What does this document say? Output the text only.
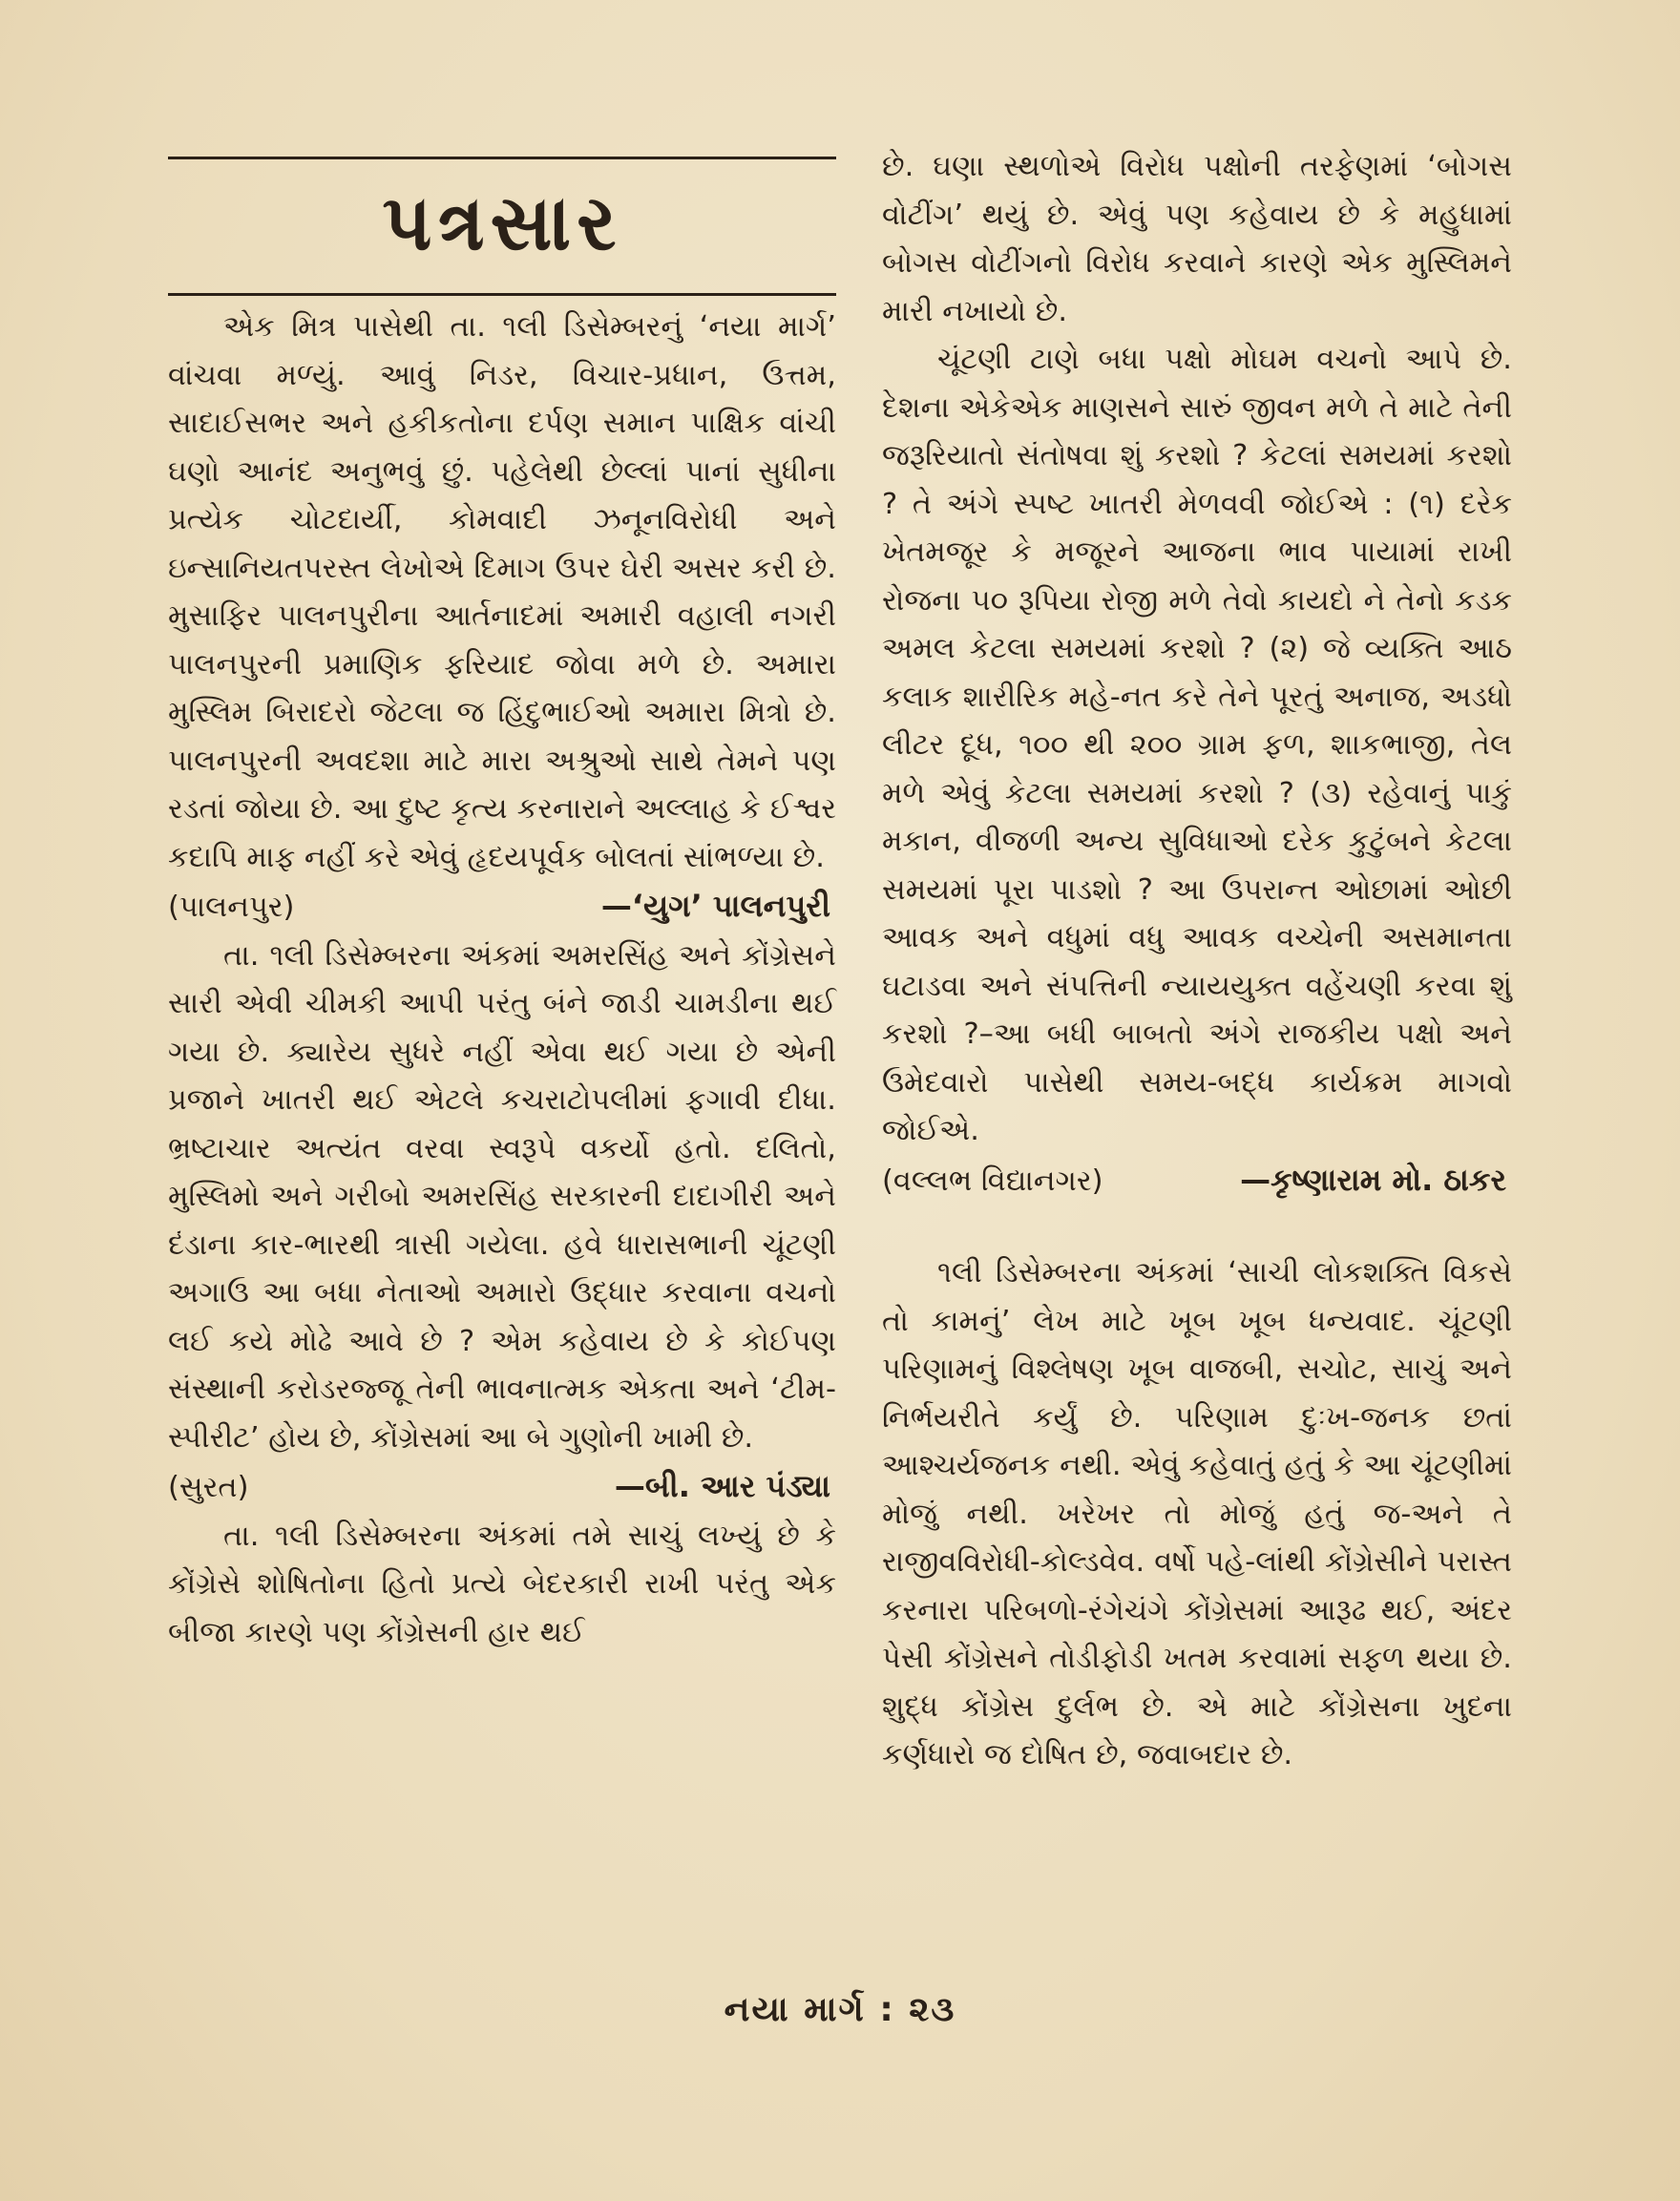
પત્રસાર

એક મિત્ર પાસેથી તા. ૧લી ડિસેમ્બરનું ‘નયા માર્ગ’ વાંચવા મળ્યું. આવું નિડર, વિચાર-પ્રધાન, ઉત્તમ, સાદાઈસભર અને હકીકતોના દર્પણ સમાન પાક્ષિક વાંચી ઘણો આનંદ અનુભવું છું. પહેલેથી છેલ્લાં પાનાં સુધીના પ્રત્યેક ચોટદાર્યી, કોમવાદી ઝનૂનવિરોધી અને ઇન્સાનિયતપરસ્ત લેખોએ દિમાગ ઉપર ઘેરી અસર કરી છે. મુસાફિર પાલનપુરીના આર્તનાદમાં અમારી વહાલી નગરી પાલનપુરની પ્રમાણિક ફરિયાદ જોવા મળે છે. અમારા મુસ્લિમ બિરાદરો જેટલા જ હિંદુભાઈઓ અમારા મિત્રો છે. પાલનપુરની અવદશા માટે મારા અશ્રુઓ સાથે તેમને પણ રડતાં જોયા છે. આ દુષ્ટ કૃત્ય કરનારાને અલ્લાહ કે ઈશ્વર કદાપિ માફ નહીં કરે એવું હૃદયપૂર્વક બોલતાં સાંભળ્યા છે.

(પાલનપુર)	—‘યુગ’ પાલનપુરી

તા. ૧લી ડિસેમ્બરના અંકમાં અમરસિંહ અને કોંગ્રેસને સારી એવી ચીમકી આપી પરંતુ બંને જાડી ચામડીના થઈ ગયા છે. ક્યારેય સુધરે નહીં એવા થઈ ગયા છે એની પ્રજાને ખાતરી થઈ એટલે કચરાટોપલીમાં ફગાવી દીધા. ભ્રષ્ટાચાર અત્યંત વરવા સ્વરૂપે વકર્યો હતો. દલિતો, મુસ્લિમો અને ગરીબો અમરસિંહ સરકારની દાદાગીરી અને દંડાના કાર-ભારથી ત્રાસી ગયેલા. હવે ધારાસભાની ચૂંટણી અગાઉ આ બધા નેતાઓ અમારો ઉદ્ધાર કરવાના વચનો લઈ કયે મોઢે આવે છે ? એમ કહેવાય છે કે કોઈપણ સંસ્થાની કરોડરજ્જૂ તેની ભાવનાત્મક એકતા અને ‘ટીમ-સ્પીરીટ’ હોય છે, કોંગ્રેસમાં આ બે ગુણોની ખામી છે.

(સુરત)	—બી. આર પંડ્યા

તા. ૧લી ડિસેમ્બરના અંકમાં તમે સાચું લખ્યું છે કે કોંગ્રેસે શોષિતોના હિતો પ્રત્યે બેદરકારી રાખી પરંતુ એક બીજા કારણે પણ કોંગ્રેસની હાર થઈ

છે. ઘણા સ્થળોએ વિરોધ પક્ષોની તરફેણમાં ‘બોગસ વોટીંગ’ થયું છે. એવું પણ કહેવાય છે કે મહુધામાં બોગસ વોટીંગનો વિરોધ કરવાને કારણે એક મુસ્લિમને મારી નખાયો છે.

ચૂંટણી ટાણે બધા પક્ષો મોઘમ વચનો આપે છે. દેશના એકેએક માણસને સારું જીવન મળે તે માટે તેની જરૂરિયાતો સંતોષવા શું કરશો ? કેટલાં સમયમાં કરશો ? તે અંગે સ્પષ્ટ ખાતરી મેળવવી જોઈએ : (૧) દરેક ખેતમજૂર કે મજૂરને આજના ભાવ પાયામાં રાખી રોજના ૫૦ રૂપિયા રોજી મળે તેવો કાયદો ને તેનો કડક અમલ કેટલા સમયમાં કરશો ? (૨) જે વ્યક્તિ આઠ કલાક શારીરિક મહે-નત કરે તેને પૂરતું અનાજ, અડધો લીટર દૂધ, ૧૦૦ થી ૨૦૦ ગ્રામ ફળ, શાકભાજી, તેલ મળે એવું કેટલા સમયમાં કરશો ? (૩) રહેવાનું પાકું મકાન, વીજળી અન્ય સુવિધાઓ દરેક કુટુંબને કેટલા સમયમાં પૂરા પાડશો ? આ ઉપરાન્ત ઓછામાં ઓછી આવક અને વધુમાં વધુ આવક વચ્ચેની અસમાનતા ઘટાડવા અને સંપત્તિની ન્યાયયુક્ત વહેંચણી કરવા શું કરશો ?–આ બધી બાબતો અંગે રાજકીય પક્ષો અને ઉમેદવારો પાસેથી સમય-બદ્ધ કાર્યક્રમ માગવો જોઈએ.

(વલ્લભ વિદ્યાનગર)	—કૃષ્ણારામ મો. ઠાકર

૧લી ડિસેમ્બરના અંકમાં ‘સાચી લોકશક્તિ વિકસે તો કામનું’ લેખ માટે ખૂબ ખૂબ ધન્યવાદ. ચૂંટણી પરિણામનું વિશ્લેષણ ખૂબ વાજબી, સચોટ, સાચું અને નિર્ભયરીતે કર્યું છે. પરિણામ દુઃખ-જનક છતાં આશ્ચર્યજનક નથી. એવું કહેવાતું હતું કે આ ચૂંટણીમાં મોજું નથી. ખરેખર તો મોજું હતું જ-અને તે રાજીવવિરોધી-કોલ્ડવેવ. વર્ષો પહે-લાંથી કોંગ્રેસીને પરાસ્ત કરનારા પરિબળો-રંગેચંગે કોંગ્રેસમાં આરૂઢ થઈ, અંદર પેસી કોંગ્રેસને તોડીફોડી ખતમ કરવામાં સફળ થયા છે. શુદ્ધ કોંગ્રેસ દુર્લભ છે. એ માટે કોંગ્રેસના ખુદના કર્ણધારો જ દોષિત છે, જવાબદાર છે.

નયા માર્ગ : ૨૩
